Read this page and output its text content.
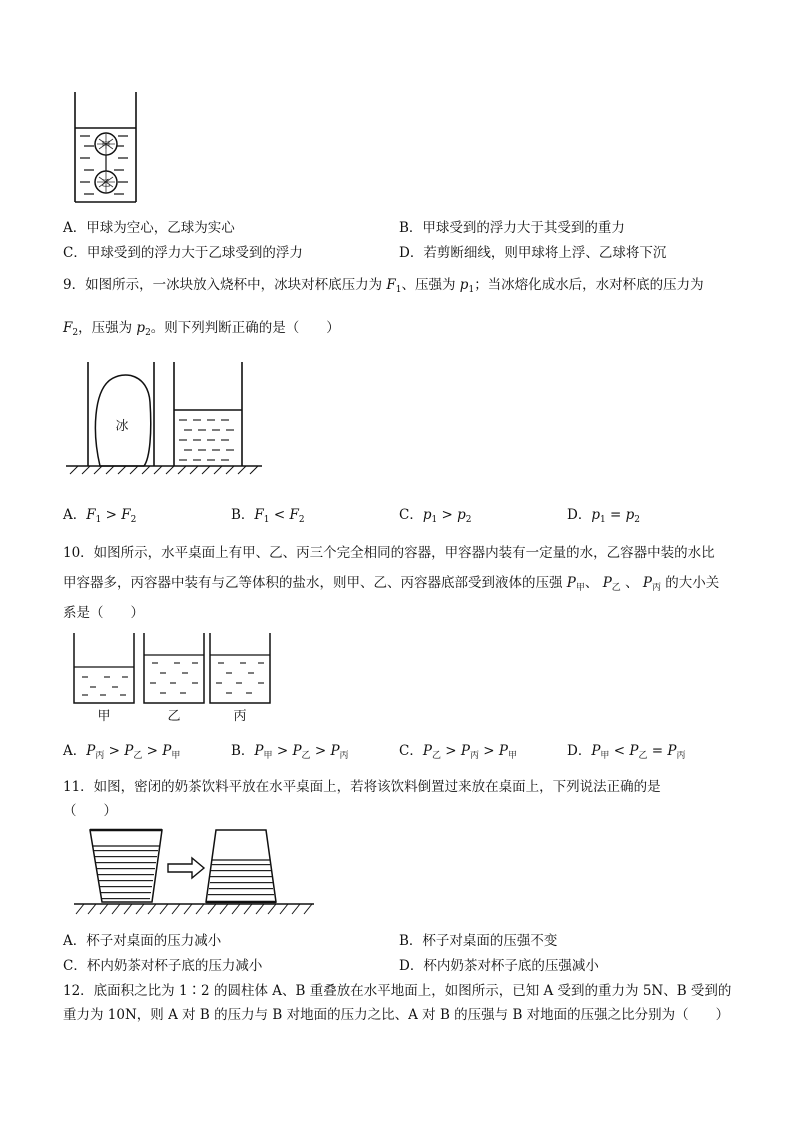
甲
乙
A．甲球为空心，乙球为实心	B．甲球受到的浮力大于其受到的重力
C．甲球受到的浮力大于乙球受到的浮力	D．若剪断细线，则甲球将上浮、乙球将下沉
9．如图所示，一冰块放入烧杯中，冰块对杯底压力为 $F_1$、压强为 $p_1$；当冰熔化成水后，水对杯底的压力为
$F_2$，压强为 $p_2$。则下列判断正确的是（　　）
冰
A．$F_1 > F_2$	B．$F_1 < F_2$	C．$p_1 > p_2$	D．$p_1 = p_2$
10．如图所示，水平桌面上有甲、乙、丙三个完全相同的容器，甲容器内装有一定量的水，乙容器中装的水比
甲容器多，丙容器中装有与乙等体积的盐水，则甲、乙、丙容器底部受到液体的压强 $P_甲$、 $P_乙$ 、 $P_丙$ 的大小关
系是（　　）
甲	乙	丙
A．$P_丙 > P_乙 > P_甲$	B．$P_甲 > P_乙 > P_丙$	C．$P_乙 > P_丙 > P_甲$	D．$P_甲 < P_乙 = P_丙$
11．如图，密闭的奶茶饮料平放在水平桌面上，若将该饮料倒置过来放在桌面上，下列说法正确的是
（　　）
A．杯子对桌面的压力减小	B．杯子对桌面的压强不变
C．杯内奶茶对杯子底的压力减小	D．杯内奶茶对杯子底的压强减小
12．底面积之比为 1∶2 的圆柱体 A、B 重叠放在水平地面上，如图所示，已知 A 受到的重力为 5N、B 受到的
重力为 10N，则 A 对 B 的压力与 B 对地面的压力之比、A 对 B 的压强与 B 对地面的压强之比分别为（　　）
